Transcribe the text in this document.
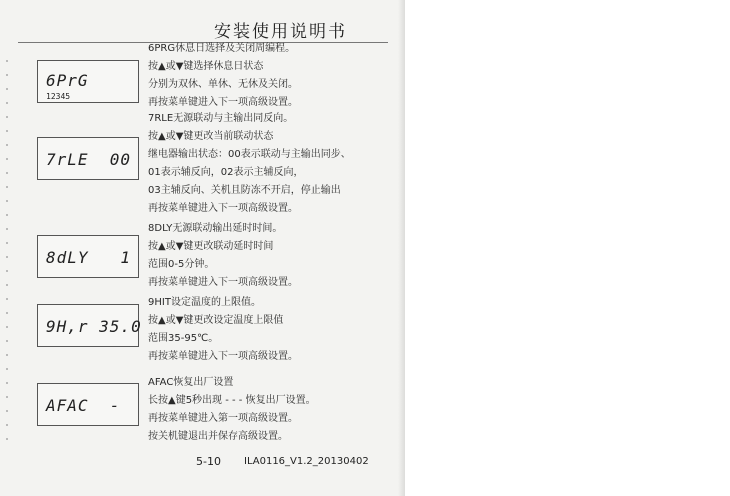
安装使用说明书
6PrG
12345
6PRG休息日选择及关闭周编程。
按▲或▼键选择休息日状态
分别为双休、单休、无休及关闭。
再按菜单键进入下一项高级设置。
7rLE  00
7RLE无源联动与主输出同反向。
按▲或▼键更改当前联动状态
继电器输出状态：00表示联动与主输出同步、
01表示辅反向，02表示主辅反向，
03主辅反向、关机且防冻不开启，停止输出
再按菜单键进入下一项高级设置。
8dLY   1
8DLY无源联动输出延时时间。
按▲或▼键更改联动延时时间
范围0-5分钟。
再按菜单键进入下一项高级设置。
9H,r 35.0
9HIT设定温度的上限值。
按▲或▼键更改设定温度上限值
范围35-95℃。
再按菜单键进入下一项高级设置。
AFAC  -
AFAC恢复出厂设置
长按▲键5秒出现 - - - 恢复出厂设置。
再按菜单键进入第一项高级设置。
按关机键退出并保存高级设置。
5-10 ILA0116_V1.2_20130402
